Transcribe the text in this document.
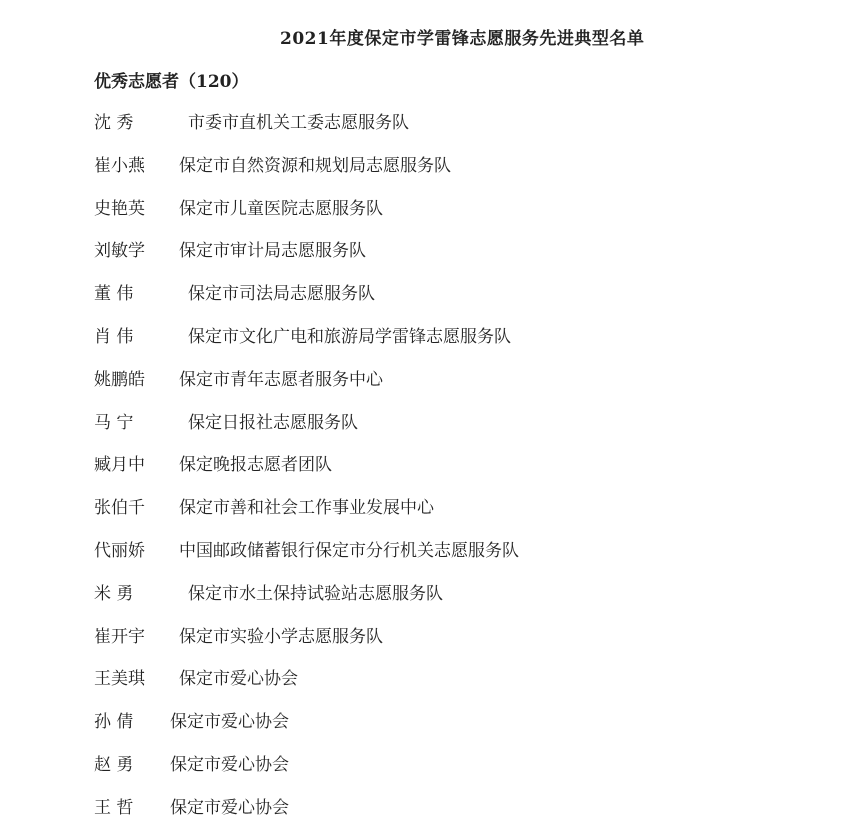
2021年度保定市学雷锋志愿服务先进典型名单
优秀志愿者（120）
沈 秀	市委市直机关工委志愿服务队
崔小燕 保定市自然资源和规划局志愿服务队
史艳英 保定市儿童医院志愿服务队
刘敏学 保定市审计局志愿服务队
董 伟	保定市司法局志愿服务队
肖 伟	保定市文化广电和旅游局学雷锋志愿服务队
姚鹏皓 保定市青年志愿者服务中心
马 宁	保定日报社志愿服务队
臧月中 保定晚报志愿者团队
张伯千 保定市善和社会工作事业发展中心
代丽娇 中国邮政储蓄银行保定市分行机关志愿服务队
米 勇	保定市水土保持试验站志愿服务队
崔开宇 保定市实验小学志愿服务队
王美琪 保定市爱心协会
孙 倩 保定市爱心协会
赵 勇 保定市爱心协会
王 哲 保定市爱心协会
